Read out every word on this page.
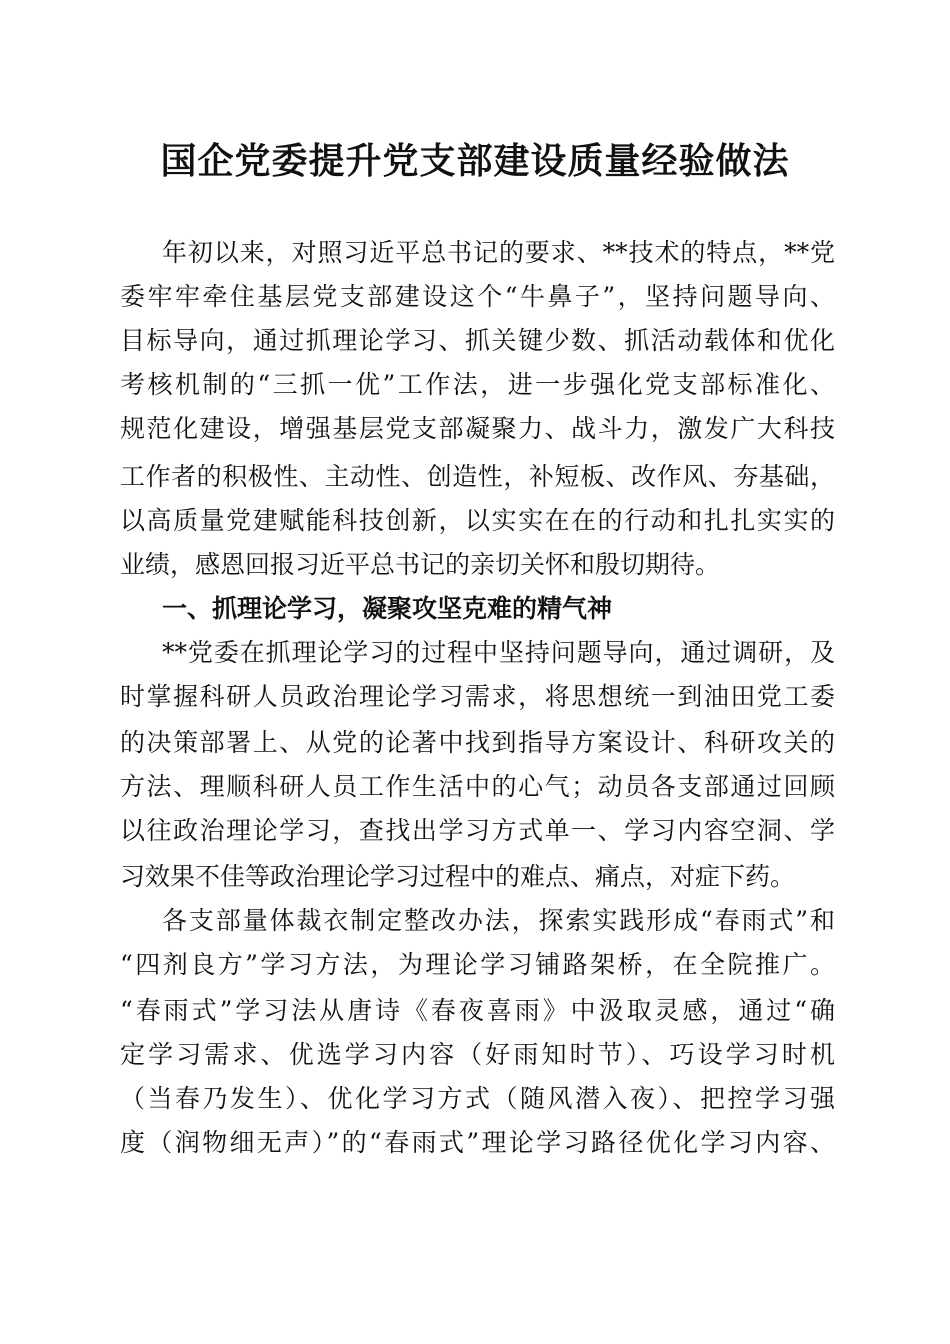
国企党委提升党支部建设质量经验做法

年初以来，对照习近平总书记的要求、**技术的特点，**党

委牢牢牵住基层党支部建设这个“牛鼻子”，坚持问题导向、

目标导向，通过抓理论学习、抓关键少数、抓活动载体和优化

考核机制的“三抓一优”工作法，进一步强化党支部标准化、

规范化建设，增强基层党支部凝聚力、战斗力，激发广大科技

工作者的积极性、主动性、创造性，补短板、改作风、夯基础，

以高质量党建赋能科技创新，以实实在在的行动和扎扎实实的

业绩，感恩回报习近平总书记的亲切关怀和殷切期待。

一、抓理论学习，凝聚攻坚克难的精气神

**党委在抓理论学习的过程中坚持问题导向，通过调研，及

时掌握科研人员政治理论学习需求，将思想统一到油田党工委

的决策部署上、从党的论著中找到指导方案设计、科研攻关的

方法、理顺科研人员工作生活中的心气；动员各支部通过回顾

以往政治理论学习，查找出学习方式单一、学习内容空洞、学

习效果不佳等政治理论学习过程中的难点、痛点，对症下药。

各支部量体裁衣制定整改办法，探索实践形成“春雨式”和

“四剂良方”学习方法，为理论学习铺路架桥，在全院推广。

“春雨式”学习法从唐诗《春夜喜雨》中汲取灵感，通过“确

定学习需求、优选学习内容（好雨知时节）、巧设学习时机

（当春乃发生）、优化学习方式（随风潜入夜）、把控学习强

度（润物细无声）”的“春雨式”理论学习路径优化学习内容、
